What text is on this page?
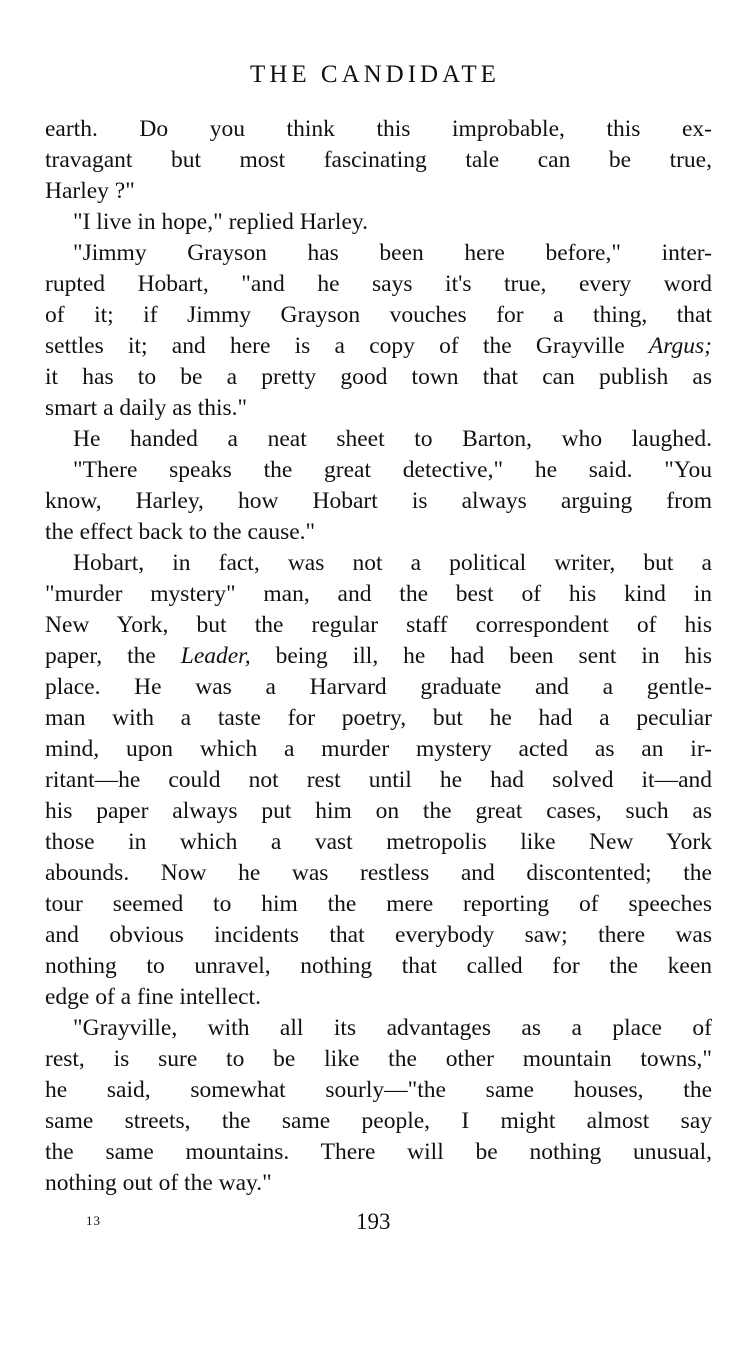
THE CANDIDATE
earth. Do you think this improbable, this ex-
travagant but most fascinating tale can be true,
Harley ?"
"I live in hope," replied Harley.
"Jimmy Grayson has been here before," inter-
rupted Hobart, "and he says it's true, every word
of it; if Jimmy Grayson vouches for a thing, that
settles it; and here is a copy of the Grayville Argus;
it has to be a pretty good town that can publish as
smart a daily as this."
He handed a neat sheet to Barton, who laughed.
"There speaks the great detective," he said. "You
know, Harley, how Hobart is always arguing from
the effect back to the cause."
Hobart, in fact, was not a political writer, but a
"murder mystery" man, and the best of his kind in
New York, but the regular staff correspondent of his
paper, the Leader, being ill, he had been sent in his
place. He was a Harvard graduate and a gentle-
man with a taste for poetry, but he had a peculiar
mind, upon which a murder mystery acted as an ir-
ritant—he could not rest until he had solved it—and
his paper always put him on the great cases, such as
those in which a vast metropolis like New York
abounds. Now he was restless and discontented; the
tour seemed to him the mere reporting of speeches
and obvious incidents that everybody saw; there was
nothing to unravel, nothing that called for the keen
edge of a fine intellect.
"Grayville, with all its advantages as a place of
rest, is sure to be like the other mountain towns,"
he said, somewhat sourly—"the same houses, the
same streets, the same people, I might almost say
the same mountains. There will be nothing unusual,
nothing out of the way."
13	193
